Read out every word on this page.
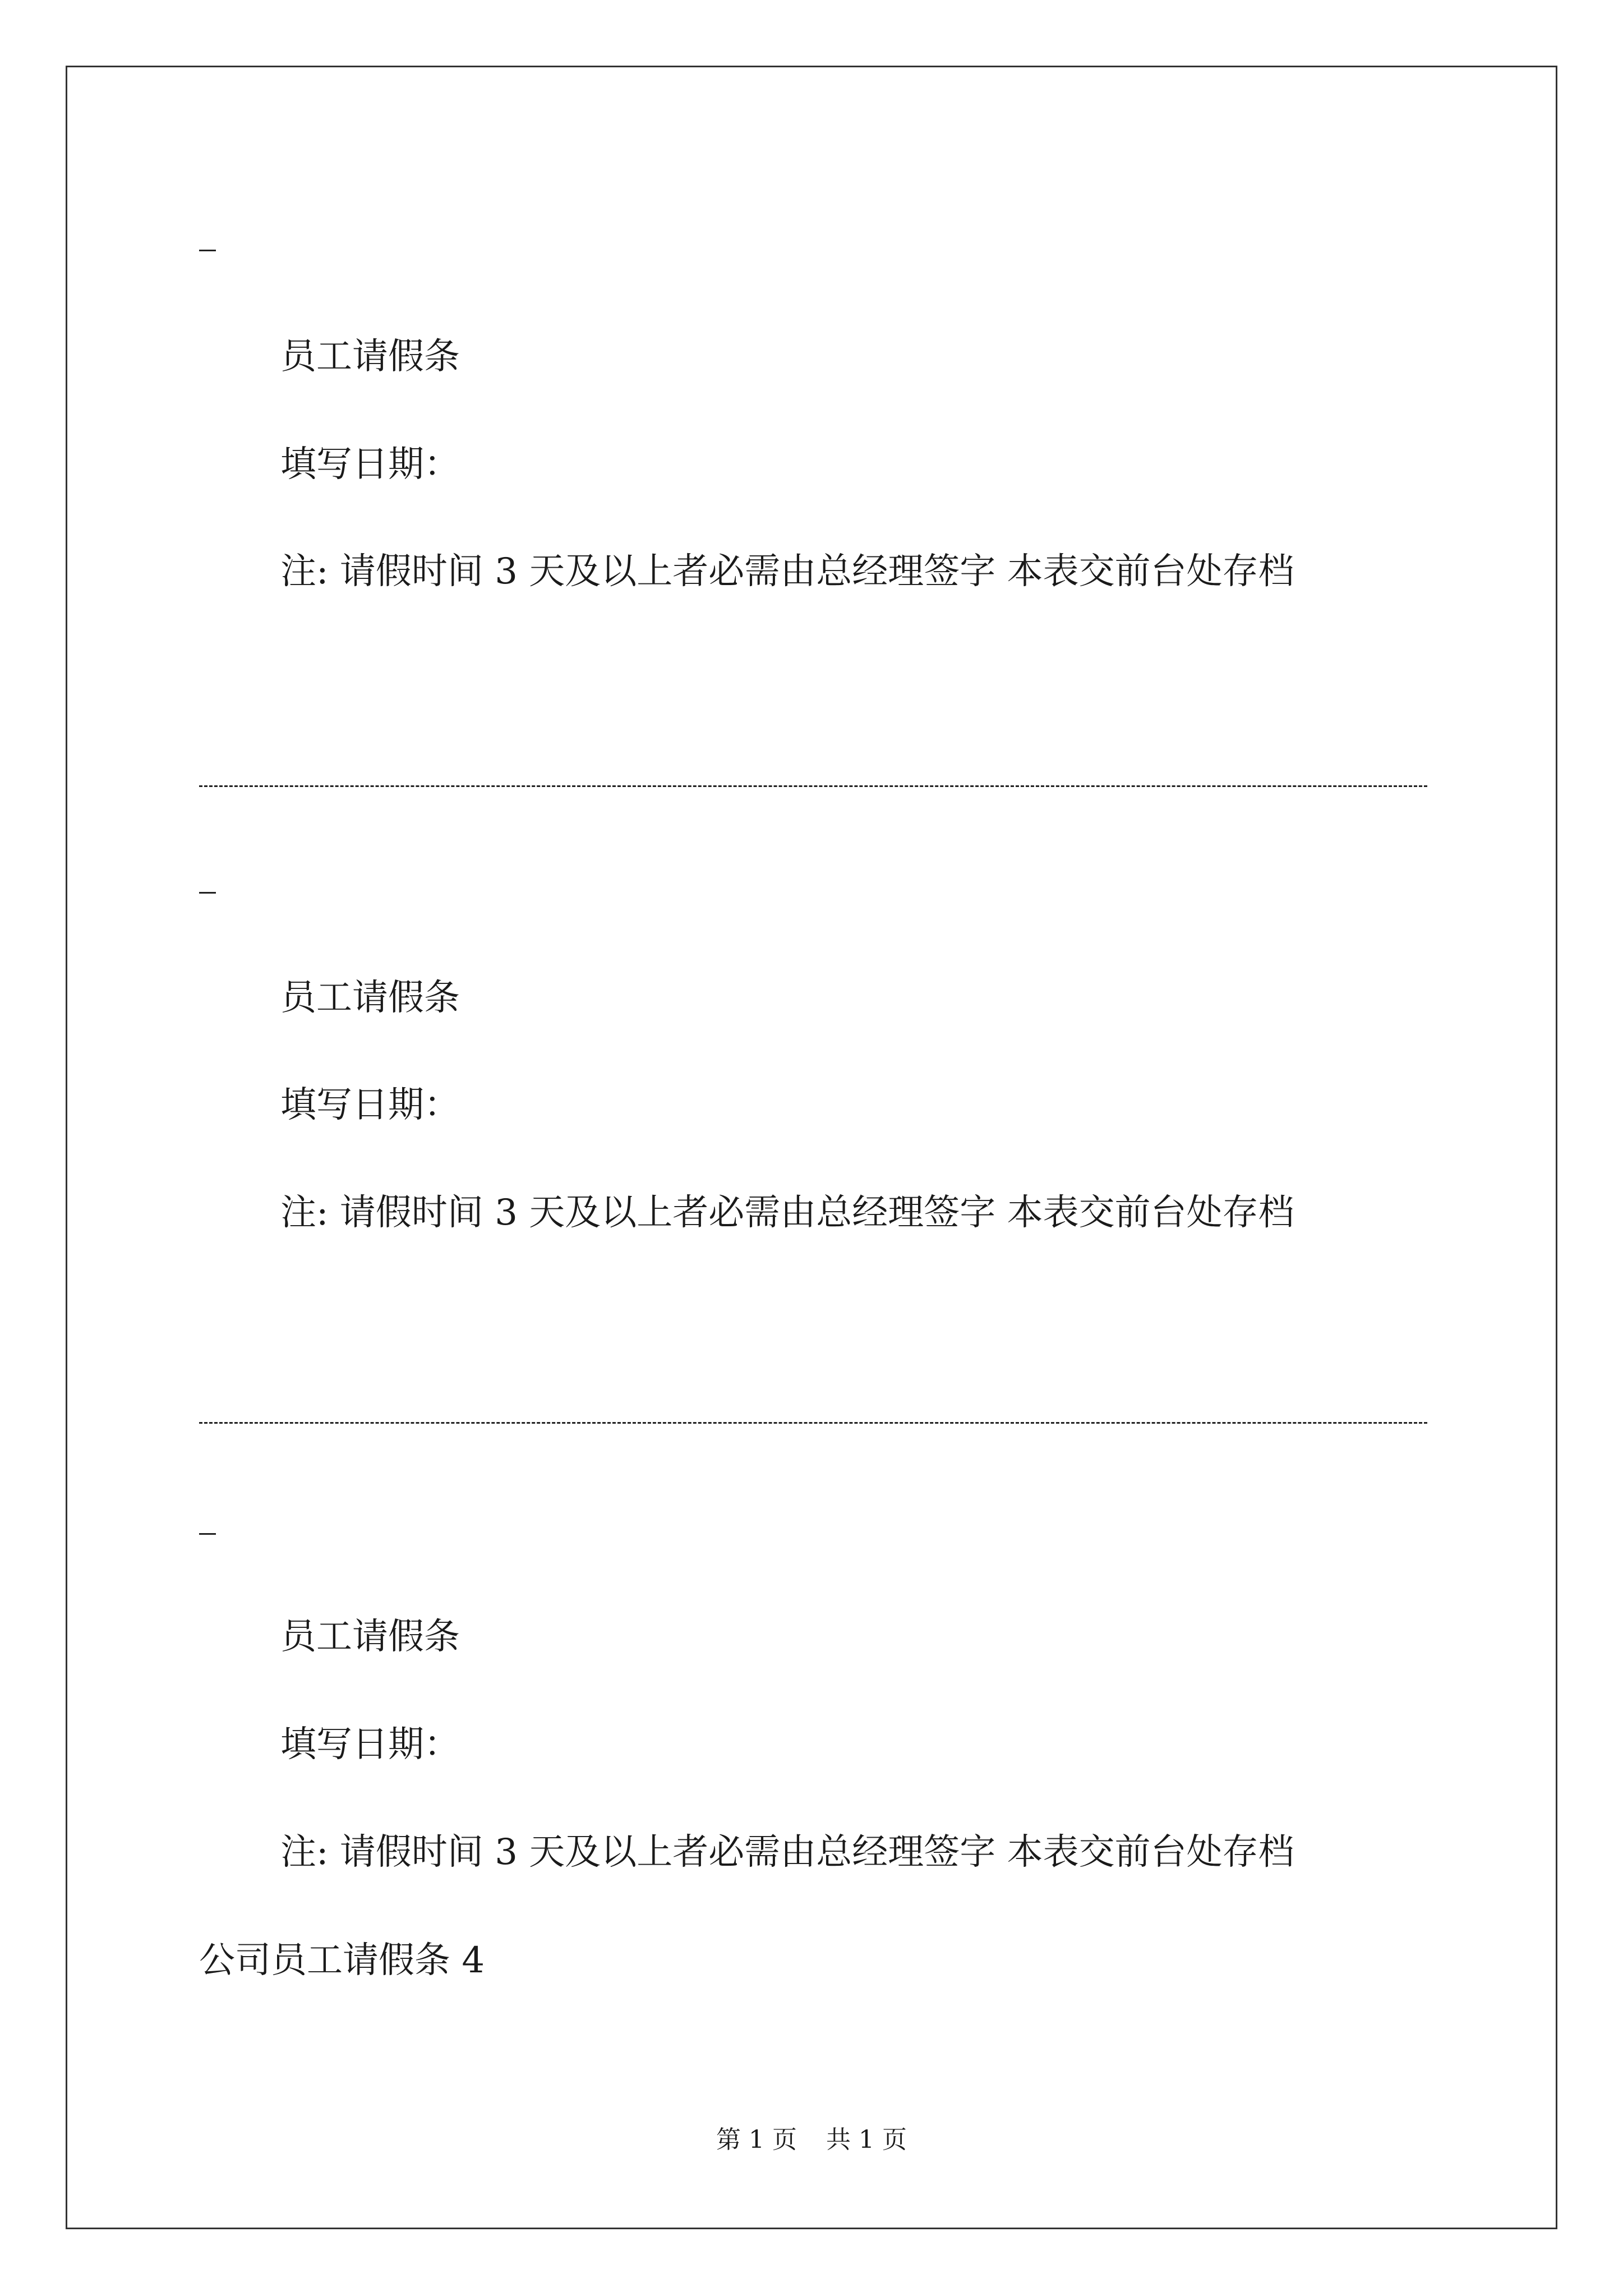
员工请假条
填写日期：
注: 请假时间 3 天及以上者必需由总经理签字 本表交前台处存档
员工请假条
填写日期：
注: 请假时间 3 天及以上者必需由总经理签字 本表交前台处存档
员工请假条
填写日期：
注: 请假时间 3 天及以上者必需由总经理签字 本表交前台处存档
公司员工请假条 4
第 1 页 共 1 页
